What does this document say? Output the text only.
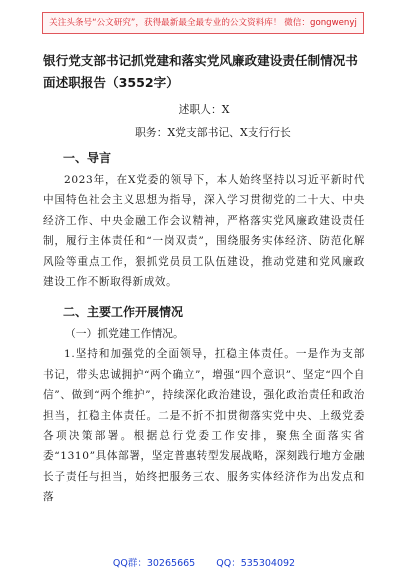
关注头条号“公文研究”，获得最新最全最专业的公文资料库！ 微信：gongwenyj
银行党支部书记抓党建和落实党风廉政建设责任制情况书面述职报告（3552字）
述职人：X
职务：X党支部书记、X支行行长
一、导言

2023年，在X党委的领导下，本人始终坚持以习近平新时代中国特色社会主义思想为指导，深入学习贯彻党的二十大、中央经济工作、中央金融工作会议精神，严格落实党风廉政建设责任制，履行主体责任和“一岗双责”，围绕服务实体经济、防范化解风险等重点工作，狠抓党员员工队伍建设，推动党建和党风廉政建设工作不断取得新成效。

二、主要工作开展情况
（一）抓党建工作情况。

1.坚持和加强党的全面领导，扛稳主体责任。一是作为支部书记，带头忠诚拥护“两个确立”，增强“四个意识”、坚定“四个自信”、做到“两个维护”，持续深化政治建设，强化政治责任和政治担当，扛稳主体责任。二是不折不扣贯彻落实党中央、上级党委各项决策部署。根据总行党委工作安排，聚焦全面落实省委“1310”具体部署，坚定普惠转型发展战略，深刻践行地方金融长子责任与担当，始终把服务三农、服务实体经济作为出发点和落

QQ群：30265665 QQ：535304092
